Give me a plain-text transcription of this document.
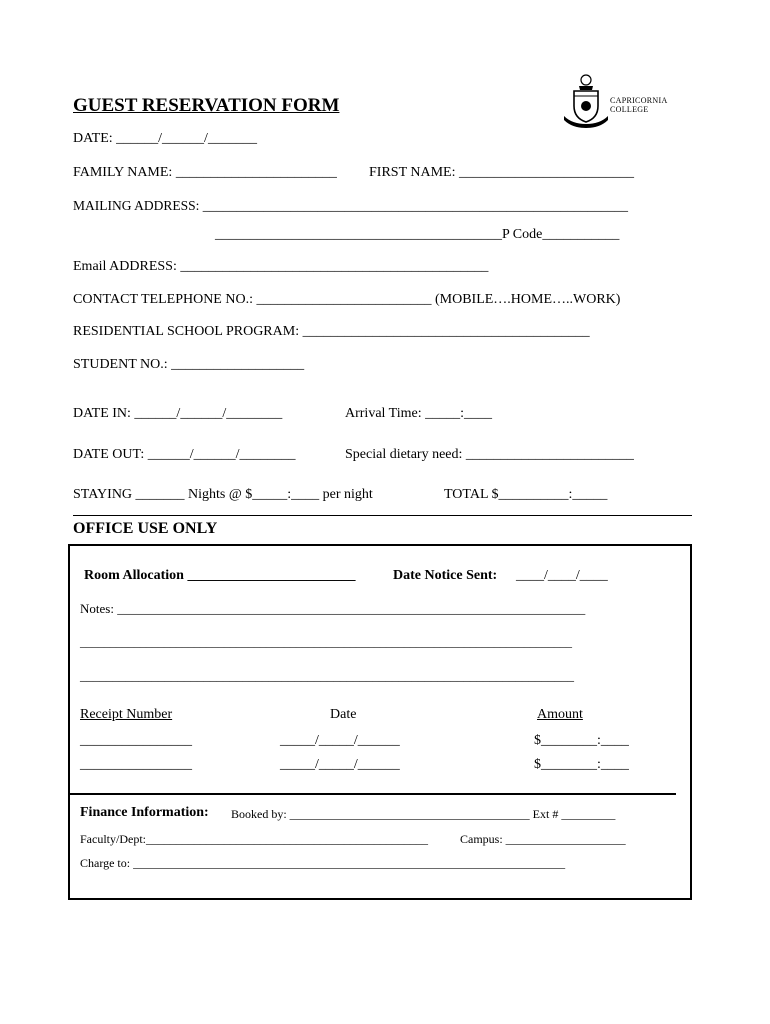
GUEST RESERVATION FORM	CAPRICORNIA
COLLEGE
DATE: ______/______/_______
FAMILY NAME: _______________________ FIRST NAME: _________________________
MAILING ADDRESS: _______________________________________________________________
_________________________________________P Code___________
Email ADDRESS: ____________________________________________
CONTACT TELEPHONE NO.: _________________________ (MOBILE….HOME…..WORK)
RESIDENTIAL SCHOOL PROGRAM: _________________________________________
STUDENT NO.: ___________________
DATE IN: ______/______/________	Arrival Time: _____:____
DATE OUT: ______/______/________	Special dietary need: ________________________
STAYING _______ Nights @ $_____:____ per night	TOTAL $__________:_____
OFFICE USE ONLY
Room Allocation ________________________	Date Notice Sent: ____/____/____
Notes: ________________________________________________________________________
__________________________________________________________________________________
____________________________________________________________________________
Receipt Number	Date	Amount
________________	_____/_____/______	$________:____
________________	_____/_____/______	$________:____
Finance Information: Booked by: ________________________________________ Ext # _________
Faculty/Dept:_______________________________________________	Campus: ____________________
Charge to: ________________________________________________________________________
